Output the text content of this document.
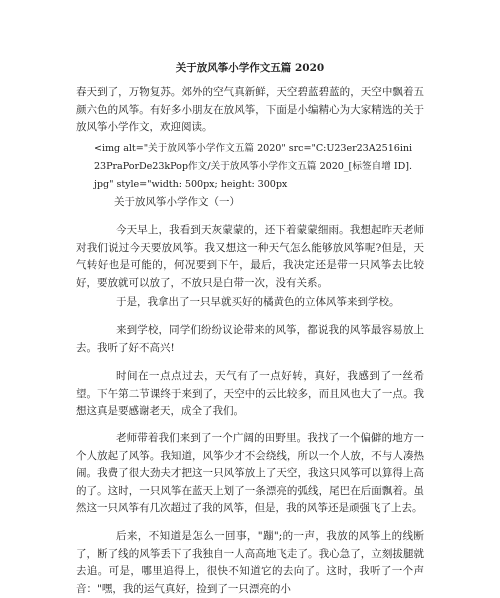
关于放风筝小学作文五篇 2020

春天到了，万物复苏。郊外的空气真新鲜，天空碧蓝碧蓝的，天空中飘着五颜六色的风筝。有好多小朋友在放风筝，下面是小编精心为大家精选的关于放风筝小学作文，欢迎阅读。

<img alt="关于放风筝小学作文五篇 2020" src="C:U23er23A2516ini23PraPorDe23kPop作文/关于放风筝小学作文五篇 2020_[标签自增 ID].jpg" style="width: 500px; height: 300px

关于放风筝小学作文（一）

今天早上，我看到天灰蒙蒙的，还下着蒙蒙细雨。我想起昨天老师对我们说过今天要放风筝。我又想这一种天气怎么能够放风筝呢?但是，天气转好也是可能的，何况要到下午，最后，我决定还是带一只风筝去比较好，要放就可以放了，不放只是白带一次，没有关系。

于是，我拿出了一只早就买好的橘黄色的立体风筝来到学校。

来到学校，同学们纷纷议论带来的风筝，都说我的风筝最容易放上去。我听了好不高兴!

时间在一点点过去，天气有了一点好转，真好，我感到了一丝希望。下午第二节课终于来到了，天空中的云比较多，而且风也大了一点。我想这真是要感谢老天，成全了我们。

老师带着我们来到了一个广阔的田野里。我找了一个偏僻的地方一个人放起了风筝。我知道，风筝少才不会绕线，所以一个人放，不与人凑热闹。我费了很大劲夫才把这一只风筝放上了天空，我这只风筝可以算得上高的了。这时，一只风筝在蓝天上划了一条漂亮的弧线，尾巴在后面飘着。虽然这一只风筝有几次超过了我的风筝，但是，我的风筝还是顽强飞了上去。

后来，不知道是怎么一回事，"蹦";的一声，我放的风筝上的线断了，断了线的风筝丢下了我独自一人高高地飞走了。我心急了，立刻拔腿就去追。可是，哪里追得上，很快不知道它的去向了。这时，我听了一个声音："嘿，我的运气真好，捡到了一只漂亮的小
